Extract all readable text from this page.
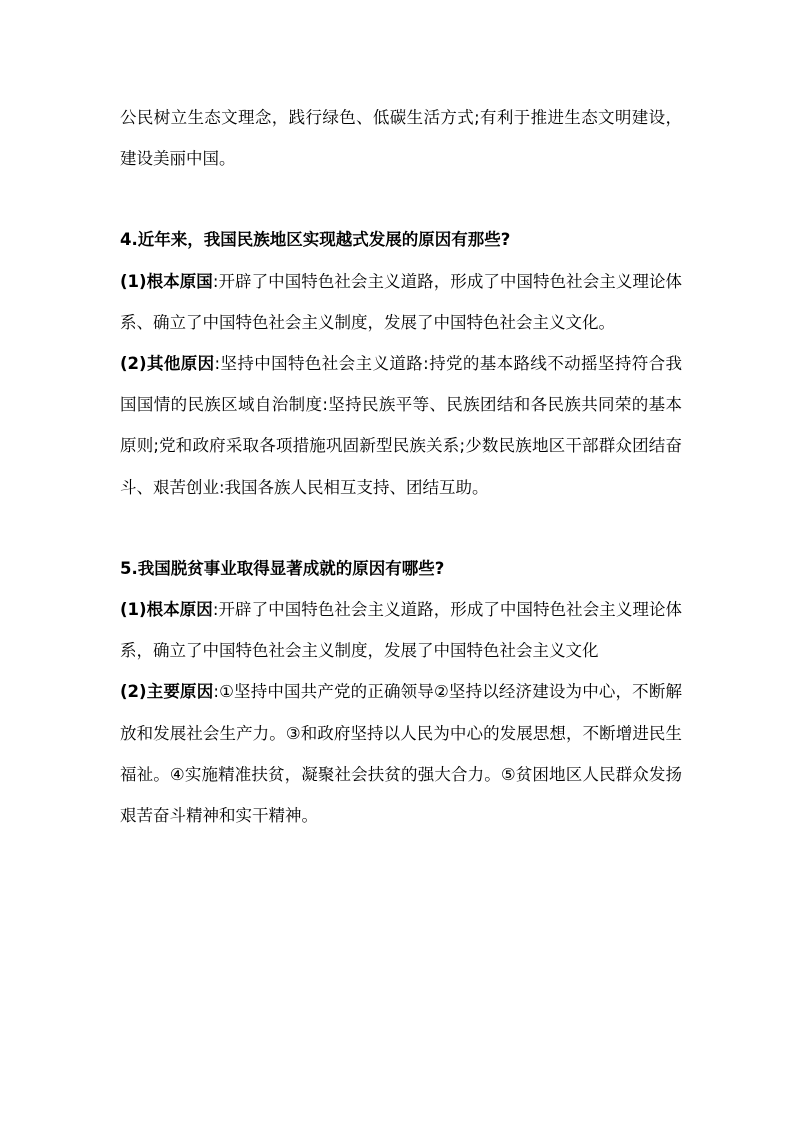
公民树立生态文理念，践行绿色、低碳生活方式;有利于推进生态文明建设，建设美丽中国。

4.近年来，我国民族地区实现越式发展的原因有那些?

(1)根本原国:开辟了中国特色社会主义道路，形成了中国特色社会主义理论体系、确立了中国特色社会主义制度，发展了中国特色社会主义文化。

(2)其他原因:坚持中国特色社会主义道路:持党的基本路线不动摇坚持符合我国国情的民族区域自治制度:坚持民族平等、民族团结和各民族共同荣的基本原则;党和政府采取各项措施巩固新型民族关系;少数民族地区干部群众团结奋斗、艰苦创业:我国各族人民相互支持、团结互助。

5.我国脱贫事业取得显著成就的原因有哪些?

(1)根本原因:开辟了中国特色社会主义道路，形成了中国特色社会主义理论体系，确立了中国特色社会主义制度，发展了中国特色社会主义文化

(2)主要原因:①坚持中国共产党的正确领导②坚持以经济建设为中心，不断解放和发展社会生产力。③和政府坚持以人民为中心的发展思想，不断增进民生福祉。④实施精准扶贫，凝聚社会扶贫的强大合力。⑤贫困地区人民群众发扬艰苦奋斗精神和实干精神。
